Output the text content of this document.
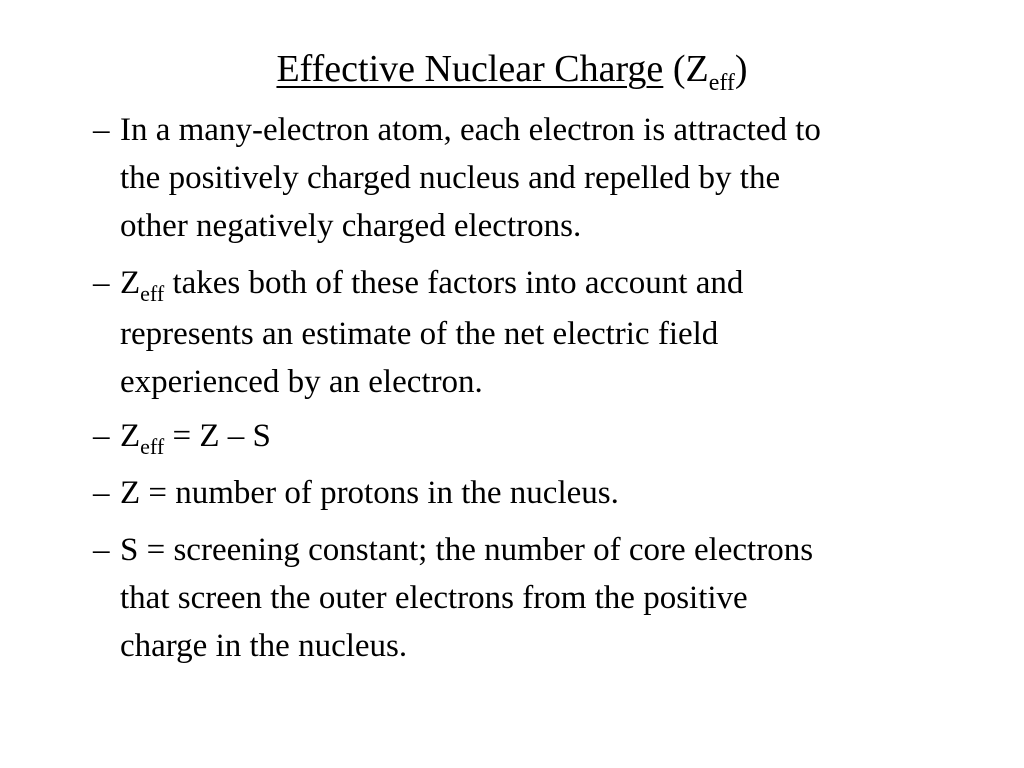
Effective Nuclear Charge $(Z_{eff})$
– In a many-electron atom, each electron is attracted to
the positively charged nucleus and repelled by the
other negatively charged electrons.
– $Z_{eff}$ takes both of these factors into account and
represents an estimate of the net electric field
experienced by an electron.
– $Z_{eff} = Z - S$
– Z = number of protons in the nucleus.
– S = screening constant; the number of core electrons
that screen the outer electrons from the positive
charge in the nucleus.
